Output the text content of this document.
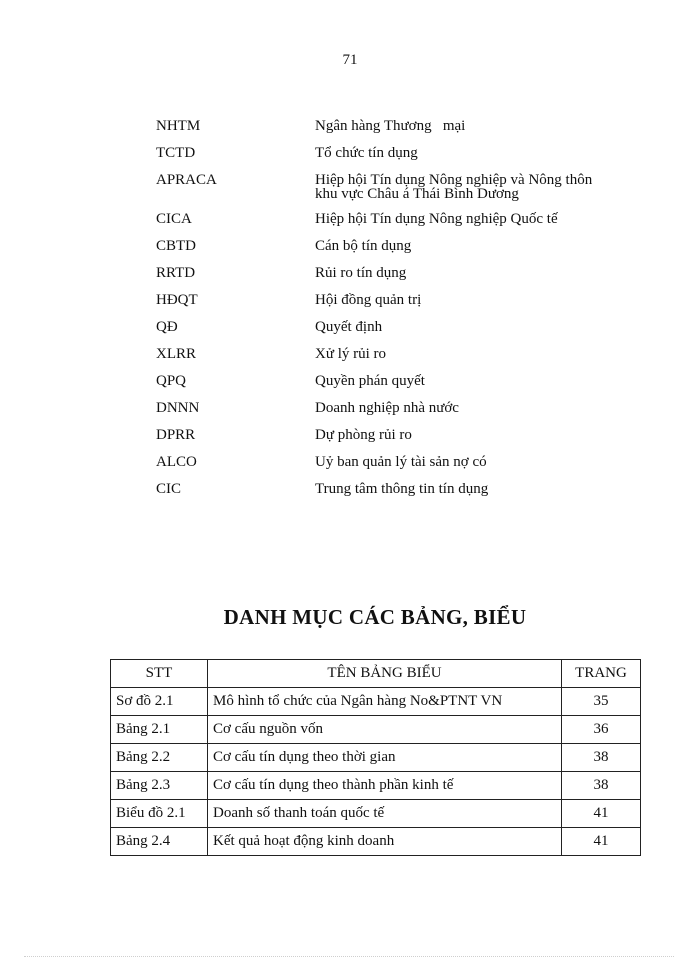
71
NHTM	Ngân hàng Thương   mại
TCTD	Tổ chức tín dụng
APRACA	Hiệp hội Tín dụng Nông nghiệp và Nông thôn khu vực Châu á Thái Bình Dương
CICA	Hiệp hội Tín dụng Nông nghiệp Quốc tế
CBTD	Cán bộ tín dụng
RRTD	Rủi ro tín dụng
HĐQT	Hội đồng quản trị
QĐ	Quyết định
XLRR	Xử lý rủi ro
QPQ	Quyền phán quyết
DNNN	Doanh nghiệp nhà nước
DPRR	Dự phòng rủi ro
ALCO	Uỷ ban quản lý tài sản nợ có
CIC	Trung tâm thông tin tín dụng
DANH MỤC CÁC BẢNG, BIỂU
STT	TÊN BẢNG BIỂU	TRANG
Sơ đồ 2.1	Mô hình tổ chức của Ngân hàng No&PTNT VN	35
Bảng 2.1	Cơ cấu nguồn vốn	36
Bảng 2.2	Cơ cấu tín dụng theo thời gian	38
Bảng 2.3	Cơ cấu tín dụng theo thành phần kinh tế	38
Biểu đồ 2.1	Doanh số thanh toán quốc tế	41
Bảng 2.4	Kết quả hoạt động kinh doanh	41
